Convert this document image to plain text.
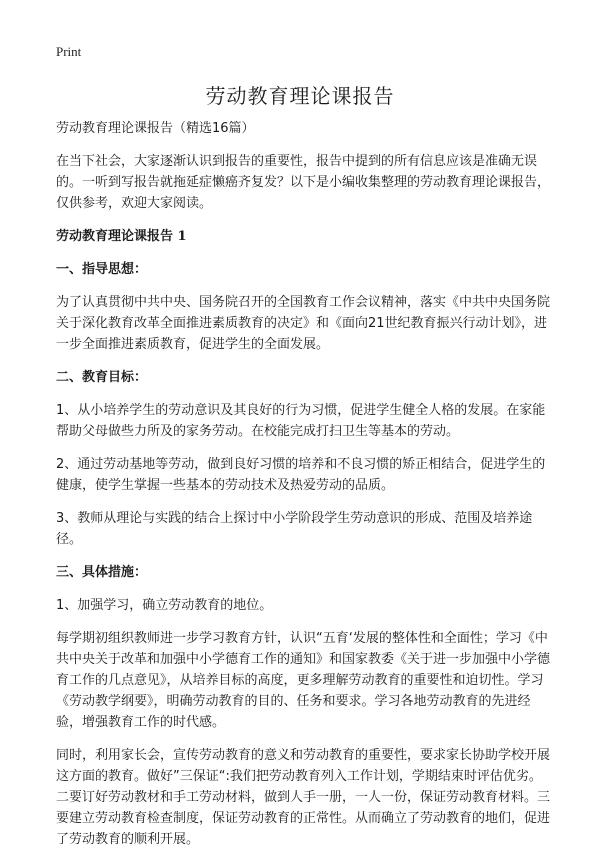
Print
劳动教育理论课报告

劳动教育理论课报告（精选16篇）

在当下社会，大家逐渐认识到报告的重要性，报告中提到的所有信息应该是准确无误的。一听到写报告就拖延症懒癌齐复发？以下是小编收集整理的劳动教育理论课报告，仅供参考，欢迎大家阅读。

劳动教育理论课报告 1

一、指导思想：

为了认真贯彻中共中央、国务院召开的全国教育工作会议精神，落实《中共中央国务院关于深化教育改革全面推进素质教育的决定》和《面向21世纪教育振兴行动计划》，进一步全面推进素质教育，促进学生的全面发展。

二、教育目标：

1、从小培养学生的劳动意识及其良好的行为习惯，促进学生健全人格的发展。在家能帮助父母做些力所及的家务劳动。在校能完成打扫卫生等基本的劳动。

2、通过劳动基地等劳动，做到良好习惯的培养和不良习惯的矫正相结合，促进学生的健康，使学生掌握一些基本的劳动技术及热爱劳动的品质。

3、教师从理论与实践的结合上探讨中小学阶段学生劳动意识的形成、范围及培养途径。

三、具体措施：

1、加强学习，确立劳动教育的地位。

每学期初组织教师进一步学习教育方针，认识“五育‘发展的整体性和全面性；学习《中共中央关于改革和加强中小学德育工作的通知》和国家教委《关于进一步加强中小学德育工作的几点意见》，从培养目标的高度，更多理解劳动教育的重要性和迫切性。学习《劳动教学纲要》，明确劳动教育的目的、任务和要求。学习各地劳动教育的先进经验，增强教育工作的时代感。

同时，利用家长会，宣传劳动教育的意义和劳动教育的重要性，要求家长协助学校开展这方面的教育。做好”三保证“:我们把劳动教育列入工作计划，学期结束时评估优劣。二要订好劳动教材和手工劳动材料，做到人手一册，一人一份，保证劳动教育材料。三要建立劳动教育检查制度，保证劳动教育的正常性。从而确立了劳动教育的地们，促进了劳动教育的顺利开展。
